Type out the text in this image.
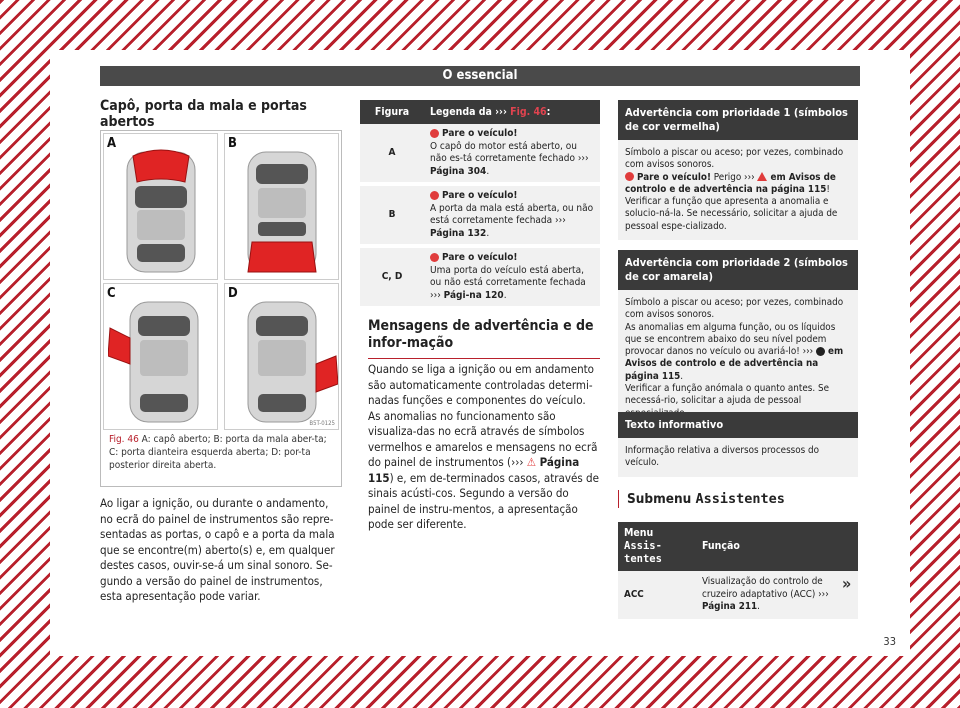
O essencial
Capô, porta da mala e portas abertos
A	B
C	D
B5T-0125
Fig. 46 A: capô aberto; B: porta da mala aber-ta; C: porta dianteira esquerda aberta; D: por-ta posterior direita aberta.
Ao ligar a ignição, ou durante o andamento, no ecrã do painel de instrumentos são repre-sentadas as portas, o capô e a porta da mala que se encontre(m) aberto(s) e, em qualquer destes casos, ouvir-se-á um sinal sonoro. Se-gundo a versão do painel de instrumentos, esta apresentação pode variar.
Figura	Legenda da ››› Fig. 46:
A	Pare o veículo!
O capô do motor está aberto, ou não es-tá corretamente fechado ››› Página 304.
B	Pare o veículo!
A porta da mala está aberta, ou não está corretamente fechada ››› Página 132.
C, D	Pare o veículo!
Uma porta do veículo está aberta, ou não está corretamente fechada ››› Pági-na 120.
Mensagens de advertência e de infor-mação
Quando se liga a ignição ou em andamento são automaticamente controladas determi-nadas funções e componentes do veículo. As anomalias no funcionamento são visualiza-das no ecrã através de símbolos vermelhos e amarelos e mensagens no ecrã do painel de instrumentos (››› ⚠ Página 115) e, em de-terminados casos, através de sinais acústi-cos. Segundo a versão do painel de instru-mentos, a apresentação pode ser diferente.
Advertência com prioridade 1 (símbolos de cor vermelha)
Símbolo a piscar ou aceso; por vezes, combinado com avisos sonoros.
Pare o veículo! Perigo ›››  em Avisos de controlo e de advertência na página 115!
Verificar a função que apresenta a anomalia e solucio-ná-la. Se necessário, solicitar a ajuda de pessoal espe-cializado.
Advertência com prioridade 2 (símbolos de cor amarela)
Símbolo a piscar ou aceso; por vezes, combinado com avisos sonoros.
As anomalias em alguma função, ou os líquidos que se encontrem abaixo do seu nível podem provocar danos no veículo ou avariá-lo! ›››  em Avisos de controlo e de advertência na página 115.
Verificar a função anómala o quanto antes. Se necessá-rio, solicitar a ajuda de pessoal
Texto informativo
Informação relativa a diversos processos do veículo.
Submenu Assistentes
Menu Assis-tentes	Função
ACC	Visualização do controlo de cruzeiro adaptativo (ACC) ››› Página 211.
»
33
